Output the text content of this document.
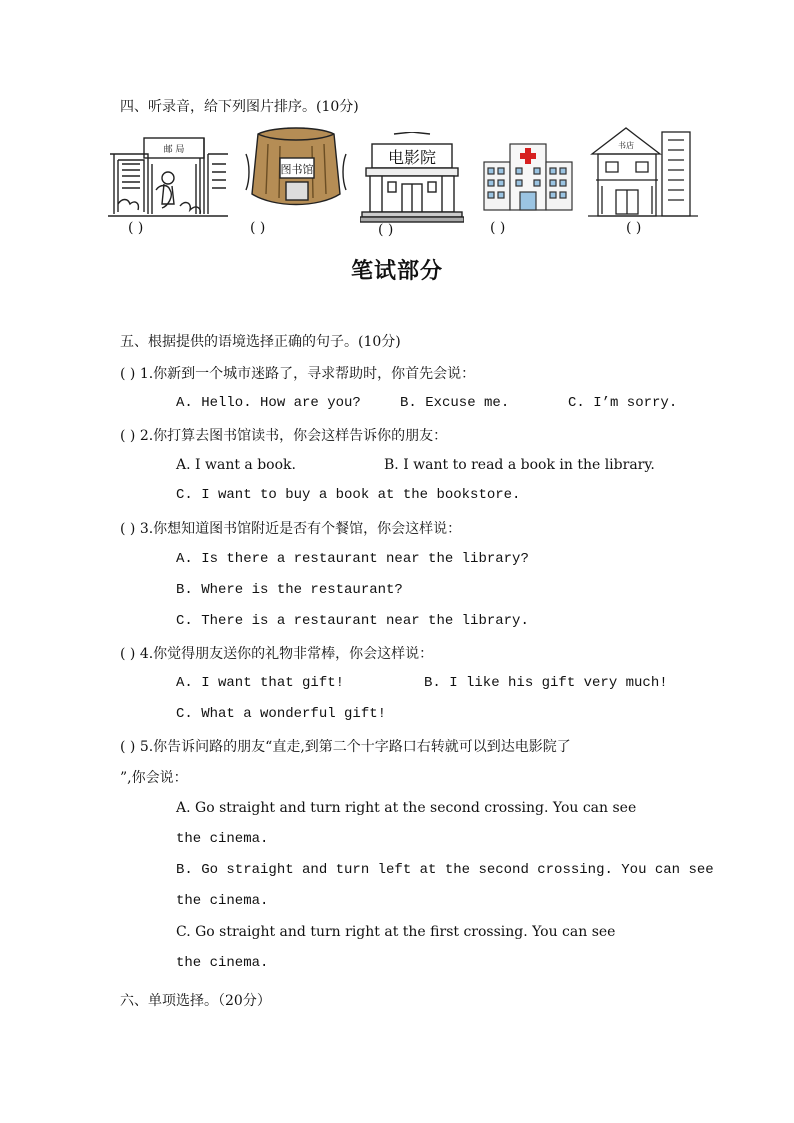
四、听录音，给下列图片排序。(10分)
邮 局
( )
图书馆
( )
电影院
( )	( )
书店
( )
笔试部分
五、根据提供的语境选择正确的句子。(10分)
( ) 1.你新到一个城市迷路了，寻求帮助时，你首先会说：
A. Hello. How are you?	B. Excuse me.	C. I’m sorry.
( ) 2.你打算去图书馆读书，你会这样告诉你的朋友：
A. I want a book.	B. I want to read a book in the library.
C. I want to buy a book at the bookstore.
( ) 3.你想知道图书馆附近是否有个餐馆，你会这样说：
A. Is there a restaurant near the library?
B. Where is the restaurant?
C. There is a restaurant near the library.
( ) 4.你觉得朋友送你的礼物非常棒，你会这样说：
A. I want that gift!	B. I like his gift very much!
C. What a wonderful gift!
( ) 5.你告诉问路的朋友“直走,到第二个十字路口右转就可以到达电影院了
”,你会说：
A. Go straight and turn right at the second crossing. You can see
the cinema.
B. Go straight and turn left at the second crossing. You can see
the cinema.
C. Go straight and turn right at the first crossing. You can see
the cinema.
六、单项选择。（20分）
